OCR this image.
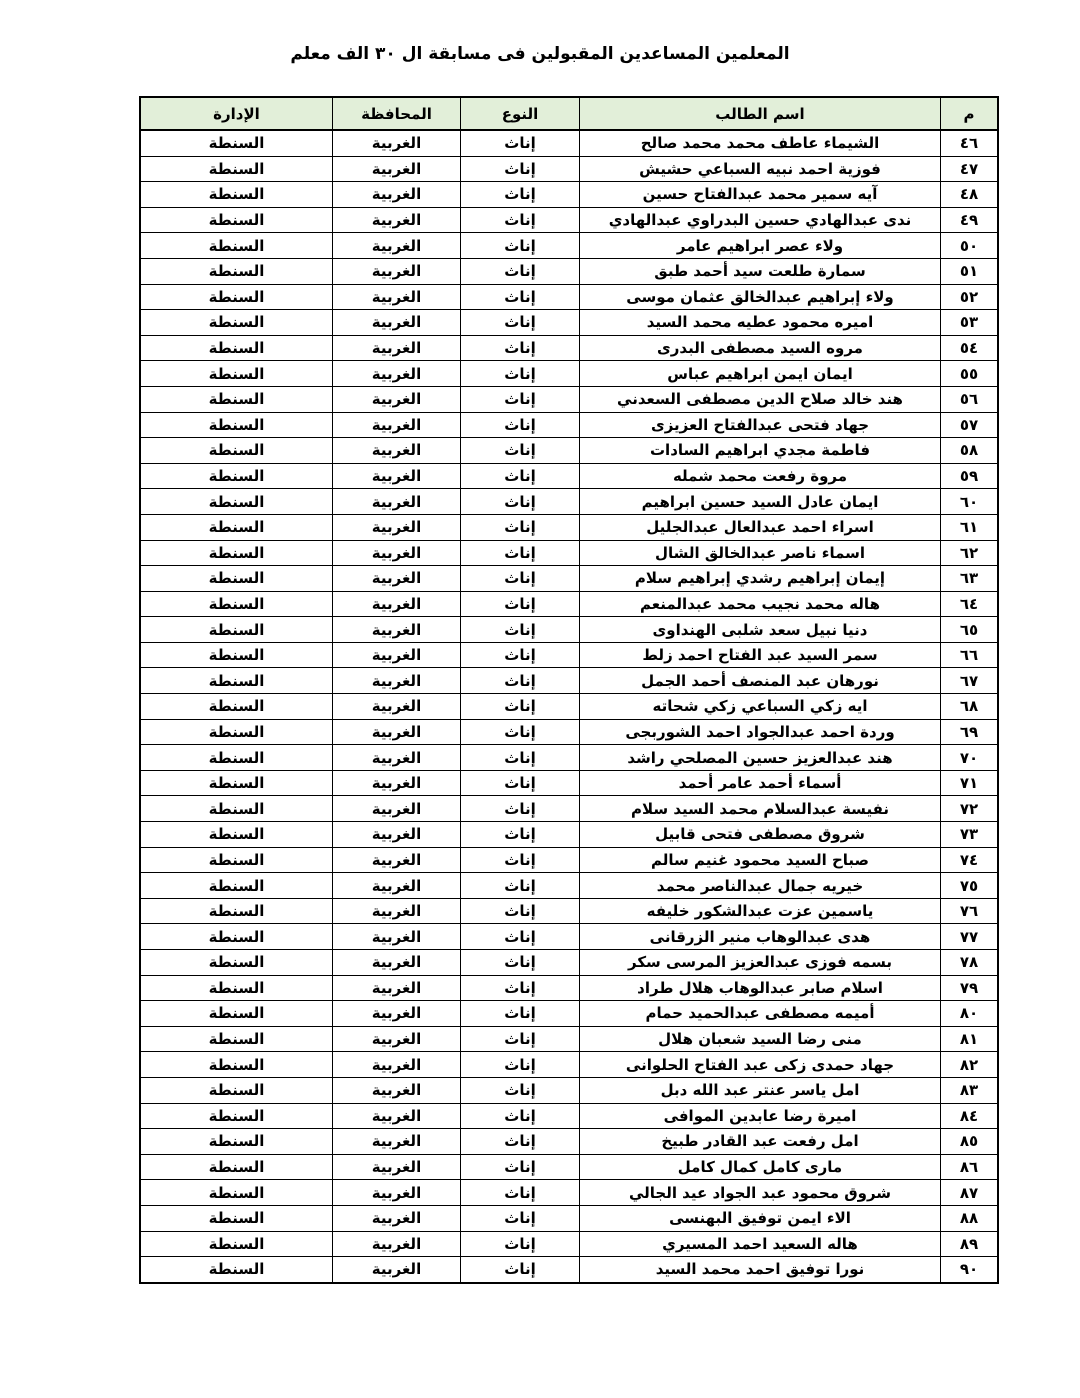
المعلمين المساعدين المقبولين فى مسابقة ال ٣٠ الف معلم
م	اسم الطالب	النوع	المحافظة	الإدارة
٤٦	الشيماء عاطف محمد محمد صالح	إناث	الغربية	السنطة
٤٧	فوزية احمد نبيه السباعي حشيش	إناث	الغربية	السنطة
٤٨	آيه سمير محمد عبدالفتاح حسين	إناث	الغربية	السنطة
٤٩	ندى عبدالهادي حسين البدراوي عبدالهادي	إناث	الغربية	السنطة
٥٠	ولاء عصر ابراهيم عامر	إناث	الغربية	السنطة
٥١	سمارة طلعت سيد أحمد طبق	إناث	الغربية	السنطة
٥٢	ولاء إبراهيم عبدالخالق عثمان موسى	إناث	الغربية	السنطة
٥٣	اميره محمود عطيه محمد السيد	إناث	الغربية	السنطة
٥٤	مروه السيد مصطفى البدرى	إناث	الغربية	السنطة
٥٥	ايمان ايمن ابراهيم عباس	إناث	الغربية	السنطة
٥٦	هند خالد صلاح الدين مصطفى السعدني	إناث	الغربية	السنطة
٥٧	جهاد فتحى عبدالفتاح العزيزى	إناث	الغربية	السنطة
٥٨	فاطمة مجدي ابراهيم السادات	إناث	الغربية	السنطة
٥٩	مروة رفعت محمد شمله	إناث	الغربية	السنطة
٦٠	ايمان عادل السيد حسين ابراهيم	إناث	الغربية	السنطة
٦١	اسراء احمد عبدالعال عبدالجليل	إناث	الغربية	السنطة
٦٢	اسماء ناصر عبدالخالق الشال	إناث	الغربية	السنطة
٦٣	إيمان إبراهيم رشدي إبراهيم سلام	إناث	الغربية	السنطة
٦٤	هاله محمد نجيب محمد عبدالمنعم	إناث	الغربية	السنطة
٦٥	دنيا نبيل سعد شلبى الهنداوى	إناث	الغربية	السنطة
٦٦	سمر السيد عبد الفتاح احمد زلط	إناث	الغربية	السنطة
٦٧	نورهان عبد المنصف أحمد الجمل	إناث	الغربية	السنطة
٦٨	ايه زكي السباعي زكي شحاته	إناث	الغربية	السنطة
٦٩	وردة احمد عبدالجواد احمد الشوربجى	إناث	الغربية	السنطة
٧٠	هند عبدالعزيز حسين المصلحي راشد	إناث	الغربية	السنطة
٧١	أسماء أحمد عامر أحمد	إناث	الغربية	السنطة
٧٢	نفيسة عبدالسلام محمد السيد سلام	إناث	الغربية	السنطة
٧٣	شروق مصطفى فتحى قابيل	إناث	الغربية	السنطة
٧٤	صباح السيد محمود غنيم سالم	إناث	الغربية	السنطة
٧٥	خيريه جمال عبدالناصر محمد	إناث	الغربية	السنطة
٧٦	ياسمين عزت عبدالشكور خليفه	إناث	الغربية	السنطة
٧٧	هدى عبدالوهاب منير الزرقانى	إناث	الغربية	السنطة
٧٨	بسمه فوزى عبدالعزيز المرسى سكر	إناث	الغربية	السنطة
٧٩	اسلام صابر عبدالوهاب هلال طراد	إناث	الغربية	السنطة
٨٠	أميمه مصطفى عبدالحميد حمام	إناث	الغربية	السنطة
٨١	منى رضا السيد شعبان هلال	إناث	الغربية	السنطة
٨٢	جهاد حمدى زكى عبد الفتاح الحلوانى	إناث	الغربية	السنطة
٨٣	امل ياسر عنتر عبد الله دبل	إناث	الغربية	السنطة
٨٤	اميرة رضا عابدين الموافى	إناث	الغربية	السنطة
٨٥	امل رفعت عبد القادر طبيخ	إناث	الغربية	السنطة
٨٦	مارى كامل كمال كامل	إناث	الغربية	السنطة
٨٧	شروق محمود عبد الجواد عيد الجالي	إناث	الغربية	السنطة
٨٨	الاء ايمن توفيق البهنسى	إناث	الغربية	السنطة
٨٩	هاله السعيد احمد المسيري	إناث	الغربية	السنطة
٩٠	نورا توفيق احمد محمد السيد	إناث	الغربية	السنطة
